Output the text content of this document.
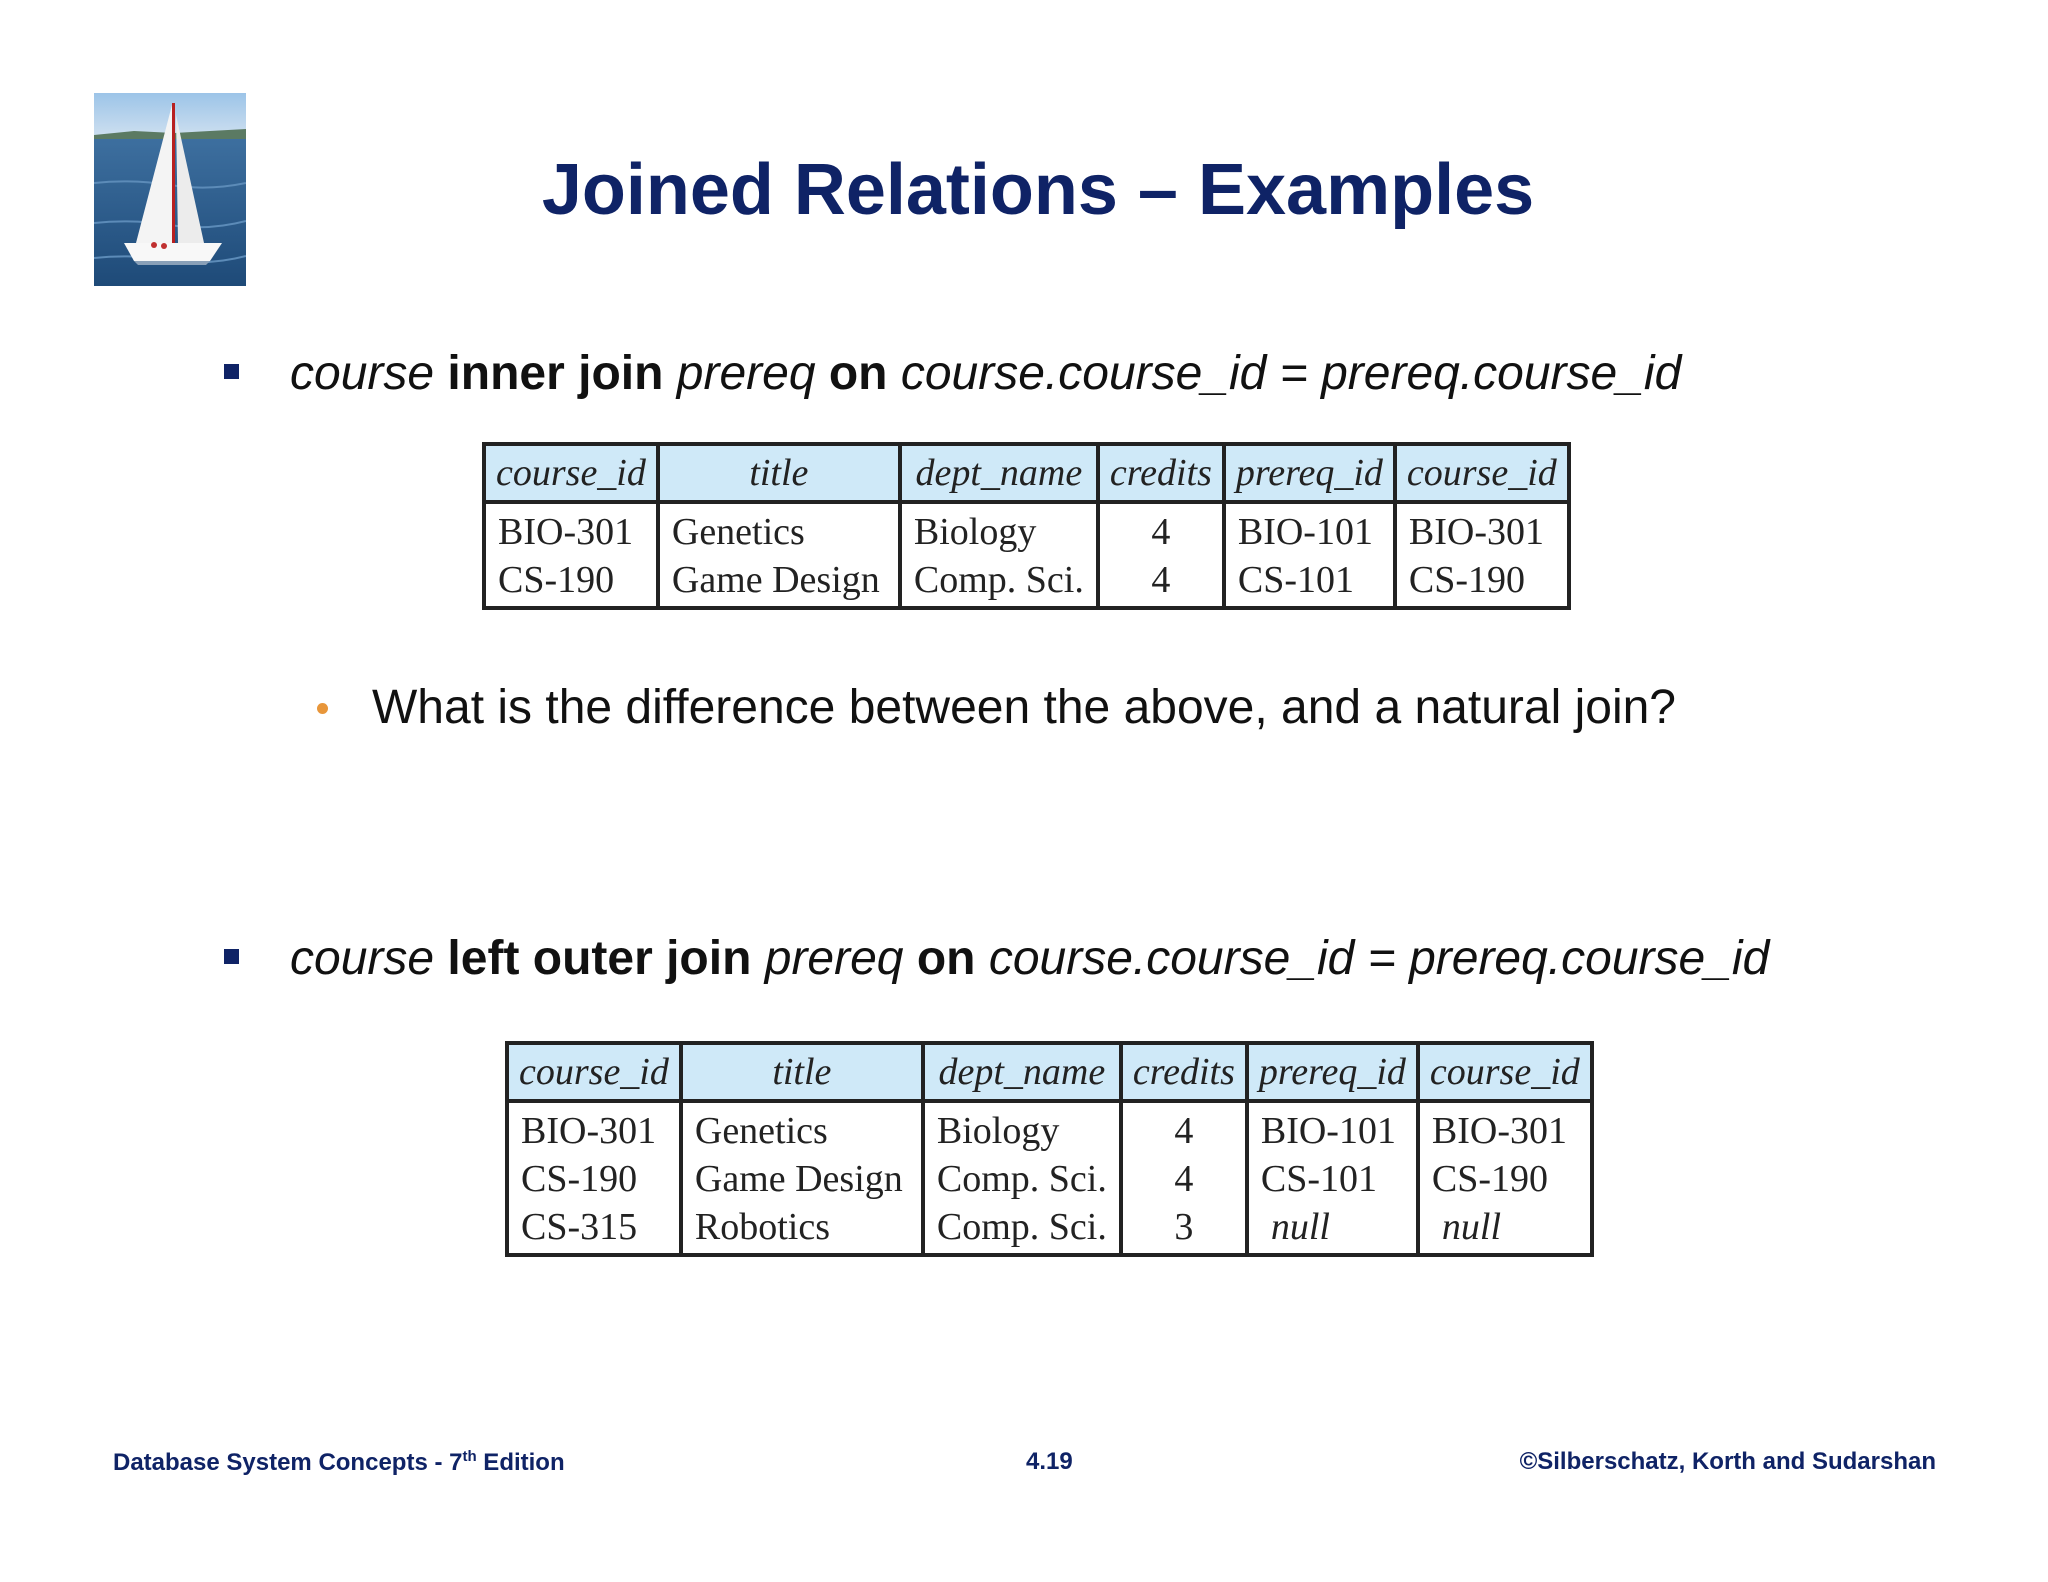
Joined Relations – Examples
course inner join prereq on course.course_id = prereq.course_id
course_id	title	dept_name	credits	prereq_id	course_id
BIO-301	Genetics	Biology	4	BIO-101	BIO-301
CS-190	Game Design	Comp. Sci.	4	CS-101	CS-190
What is the difference between the above, and a natural join?
course left outer join prereq on course.course_id = prereq.course_id
course_id	title	dept_name	credits	prereq_id	course_id
BIO-301	Genetics	Biology	4	BIO-101	BIO-301
CS-190	Game Design	Comp. Sci.	4	CS-101	CS-190
CS-315	Robotics	Comp. Sci.	3	null	null
Database System Concepts - 7th Edition	4.19	©Silberschatz, Korth and Sudarshan
